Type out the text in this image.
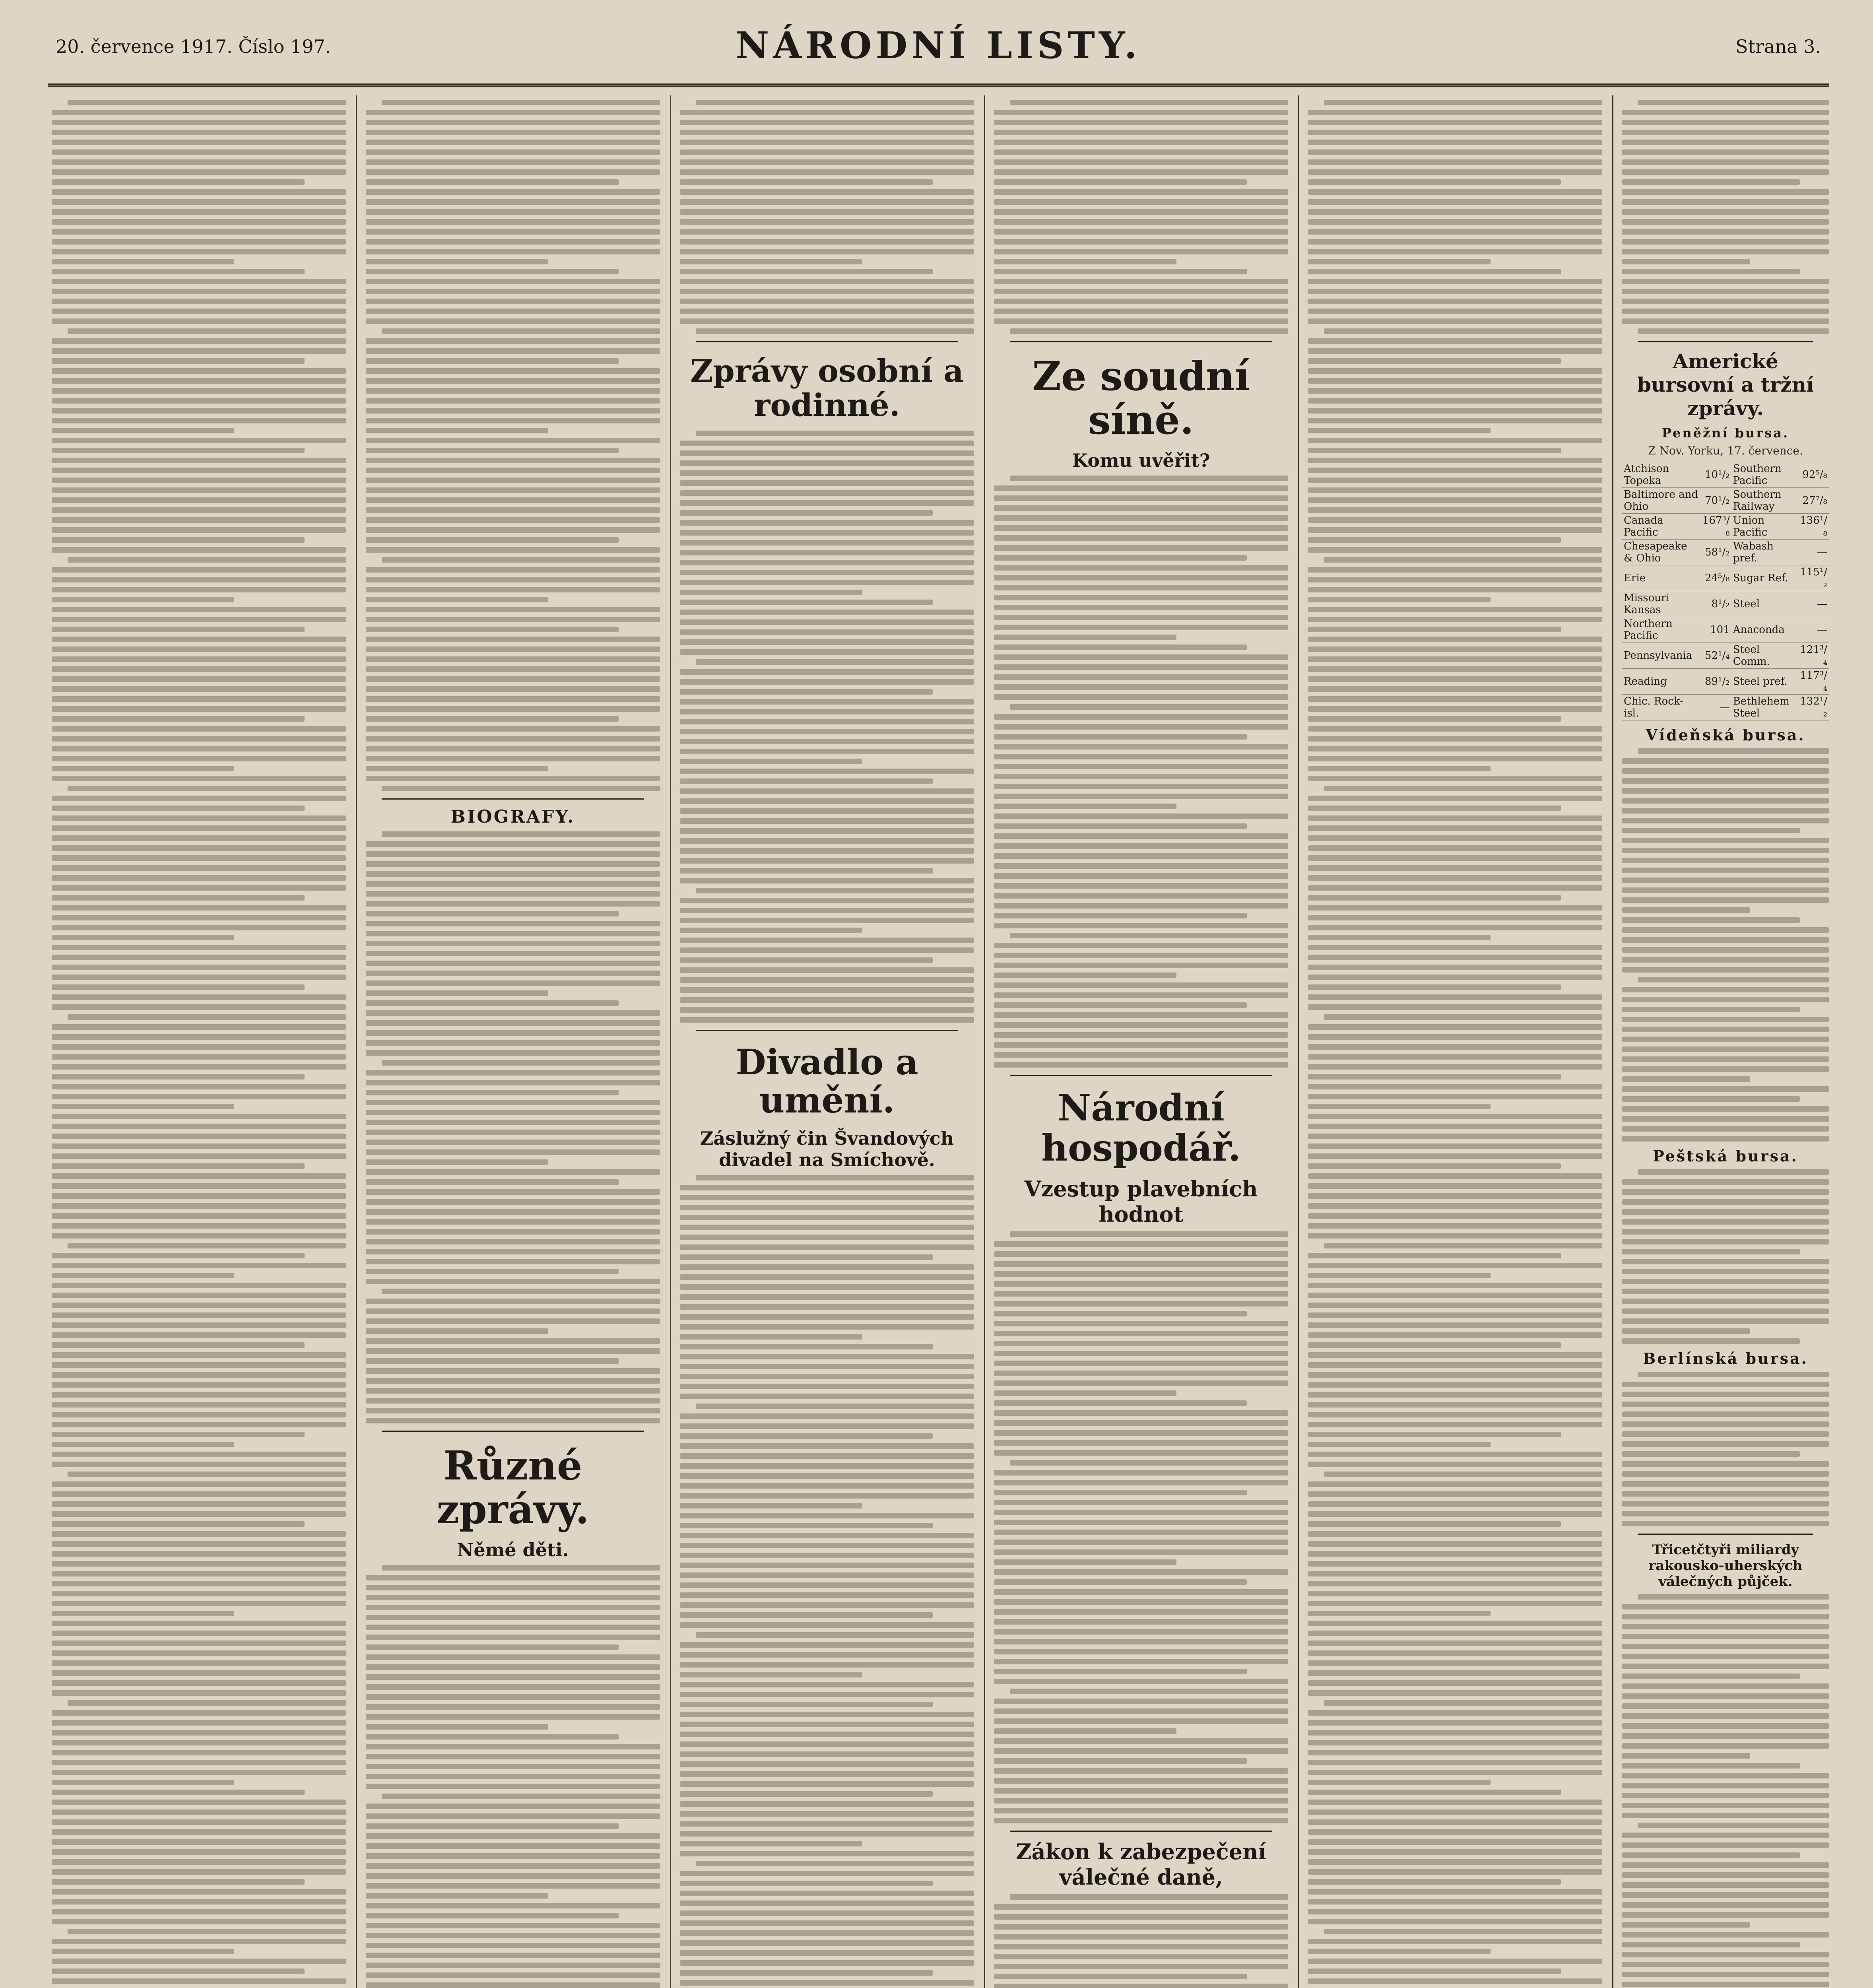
20. července 1917. Číslo 197.	NÁRODNÍ LISTY.	Strana 3.
BIOGRAFY.
Různé zprávy.
Němé děti.
Zprávy osobní a rodinné.
Divadlo a umění.
Záslužný čin Švandových divadel na Smíchově.
Ze soudní síně.
Komu uvěřit?
Národní hospodář.
Vzestup plavebních hodnot
Zákon k zabezpečení válečné daně,
Americké bursovní a tržní zprávy.
Peněžní bursa.
Z Nov. Yorku, 17. července.
Atchison Topeka	10¹/₂	Southern Pacific	92⁵/₈
Baltimore and Ohio	70¹/₂	Southern Railway	27⁷/₈
Canada Pacific	167³/₈	Union Pacific	136¹/₈
Chesapeake & Ohio	58¹/₂	Wabash pref.	—
Erie	24⁵/₈	Sugar Ref.	115¹/₂
Missouri Kansas	8¹/₂	Steel	—
Northern Pacific	101	Anaconda	—
Pennsylvania	52¹/₄	Steel Comm.	121³/₄
Reading	89¹/₂	Steel pref.	117³/₄
Chic. Rock-isl.	—	Bethlehem Steel	132¹/₂
Vídeňská bursa.
Peštská bursa.
Berlínská bursa.
Třicetčtyři miliardy rakousko-uherských válečných půjček.
